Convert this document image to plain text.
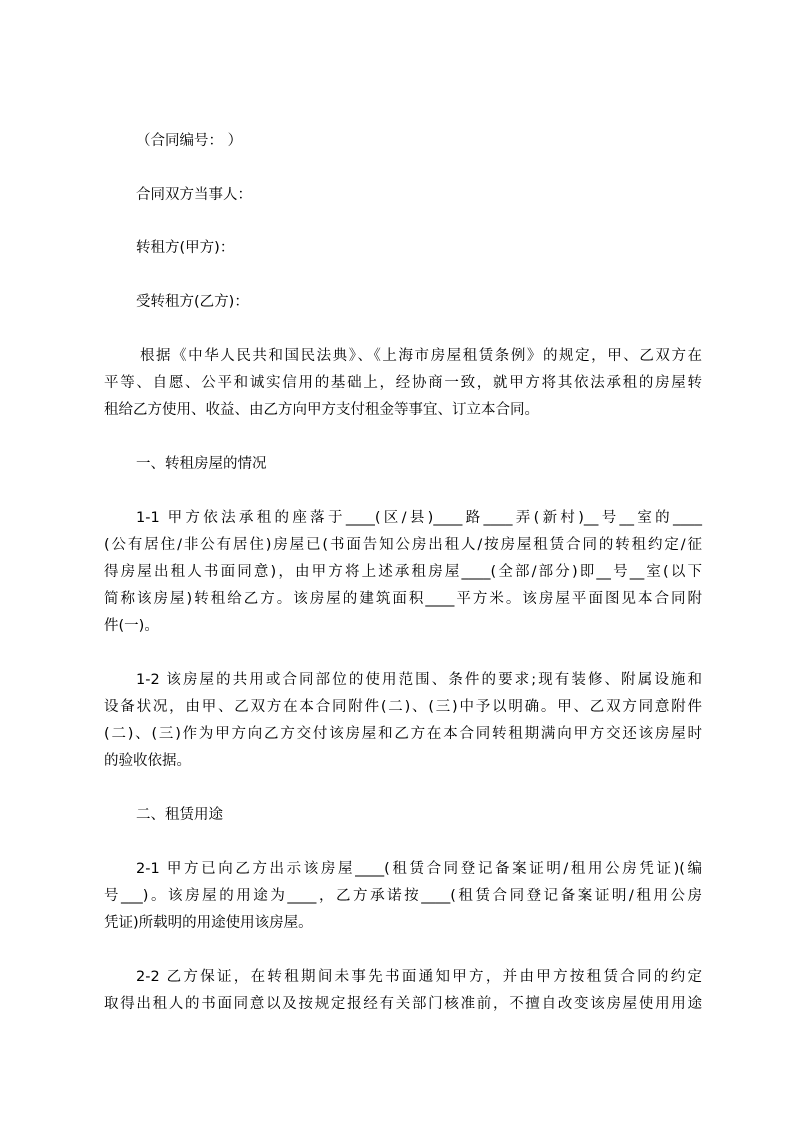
（合同编号： ）
合同双方当事人：
转租方(甲方)：
受转租方(乙方)：
根据《中华人民共和国民法典》、《上海市房屋租赁条例》的规定，甲、乙双方在
平等、自愿、公平和诚实信用的基础上，经协商一致，就甲方将其依法承租的房屋转
租给乙方使用、收益、由乙方向甲方支付租金等事宜、订立本合同。
一、转租房屋的情况
1-1 甲方依法承租的座落于____(区/县)____路____弄(新村)__号__室的____
(公有居住/非公有居住)房屋已(书面告知公房出租人/按房屋租赁合同的转租约定/征
得房屋出租人书面同意)，由甲方将上述承租房屋____(全部/部分)即__号__室(以下
简称该房屋)转租给乙方。该房屋的建筑面积____平方米。该房屋平面图见本合同附
件(一)。
1-2 该房屋的共用或合同部位的使用范围、条件的要求;现有装修、附属设施和
设备状况，由甲、乙双方在本合同附件(二)、(三)中予以明确。甲、乙双方同意附件
(二)、(三)作为甲方向乙方交付该房屋和乙方在本合同转租期满向甲方交还该房屋时
的验收依据。
二、租赁用途
2-1 甲方已向乙方出示该房屋____(租赁合同登记备案证明/租用公房凭证)(编
号___)。该房屋的用途为____，乙方承诺按____(租赁合同登记备案证明/租用公房
凭证)所载明的用途使用该房屋。
2-2 乙方保证，在转租期间未事先书面通知甲方，并由甲方按租赁合同的约定
取得出租人的书面同意以及按规定报经有关部门核准前，不擅自改变该房屋使用用途
